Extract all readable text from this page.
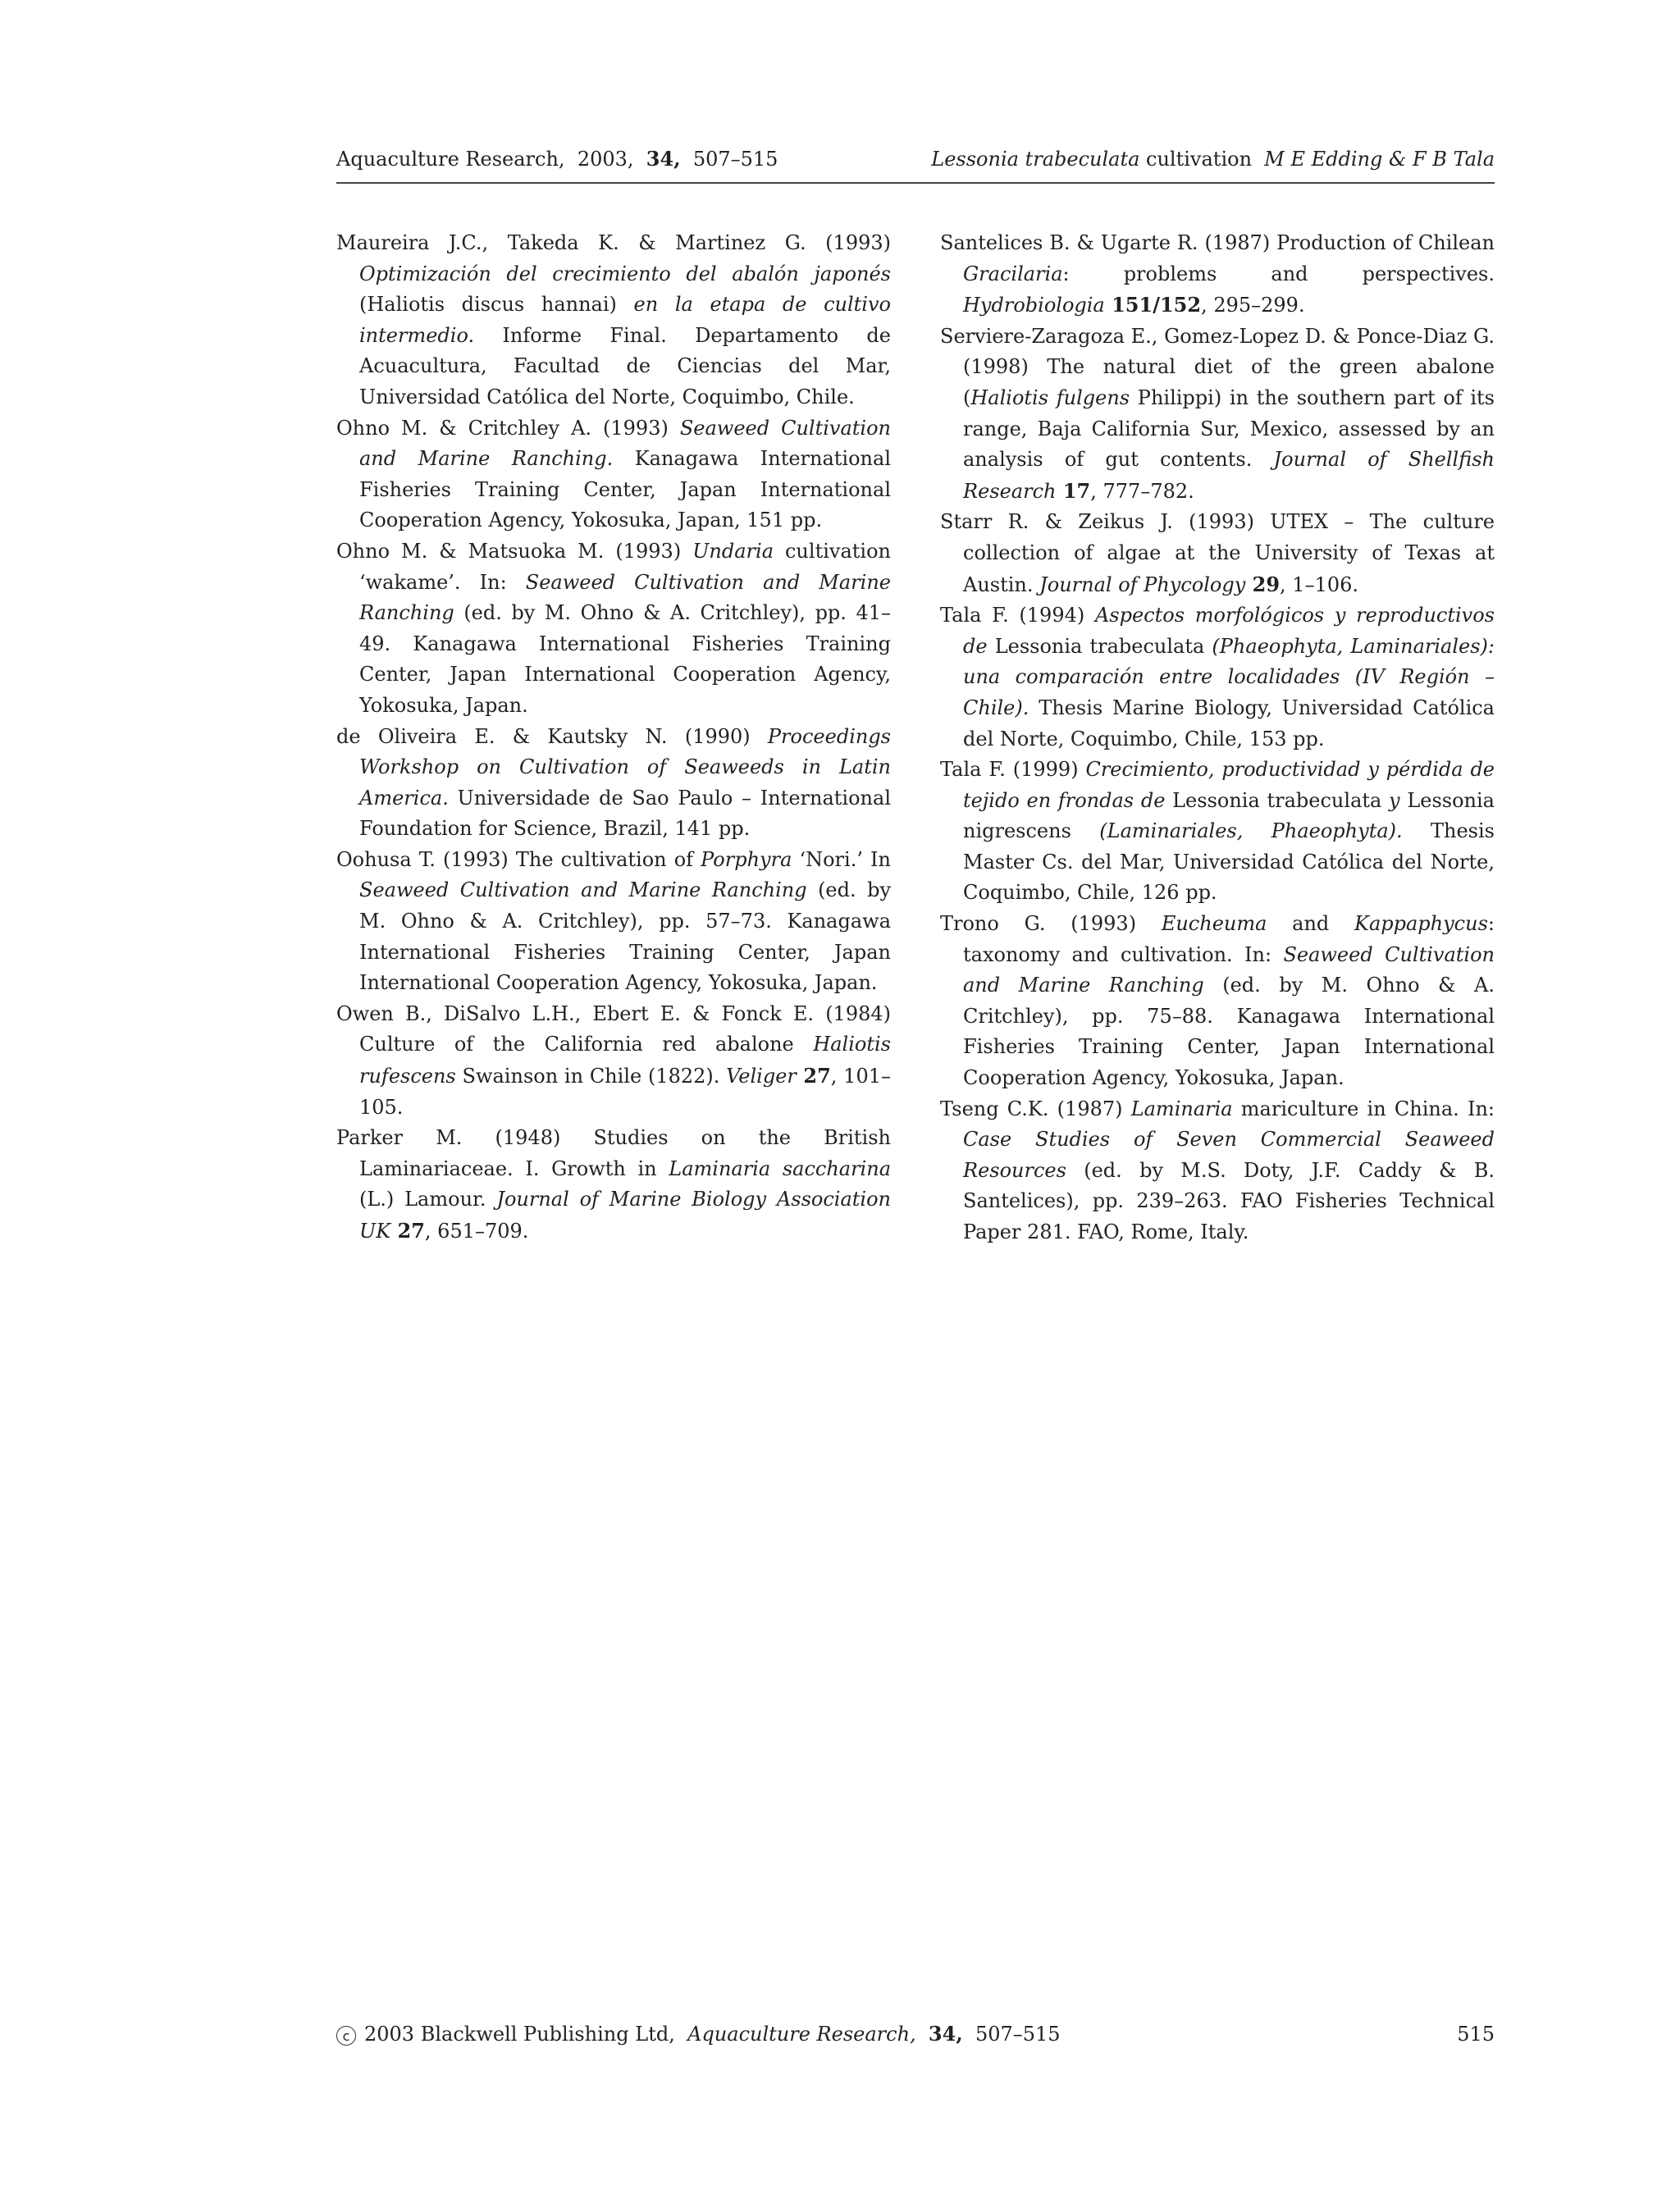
Aquaculture Research, 2003, 34, 507–515	Lessonia trabeculata cultivation M E Edding & F B Tala

Maureira J.C., Takeda K. & Martinez G. (1993) Optimización del crecimiento del abalón japonés (Haliotis discus hannai) en la etapa de cultivo intermedio. Informe Final. Departamento de Acuacultura, Facultad de Ciencias del Mar, Universidad Católica del Norte, Coquimbo, Chile.

Ohno M. & Critchley A. (1993) Seaweed Cultivation and Marine Ranching. Kanagawa International Fisheries Training Center, Japan International Cooperation Agency, Yokosuka, Japan, 151 pp.

Ohno M. & Matsuoka M. (1993) Undaria cultivation ‘wakame’. In: Seaweed Cultivation and Marine Ranching (ed. by M. Ohno & A. Critchley), pp. 41–49. Kanagawa International Fisheries Training Center, Japan International Cooperation Agency, Yokosuka, Japan.

de Oliveira E. & Kautsky N. (1990) Proceedings Workshop on Cultivation of Seaweeds in Latin America. Universidade de Sao Paulo – International Foundation for Science, Brazil, 141 pp.

Oohusa T. (1993) The cultivation of Porphyra ‘Nori.’ In Seaweed Cultivation and Marine Ranching (ed. by M. Ohno & A. Critchley), pp. 57–73. Kanagawa International Fisheries Training Center, Japan International Cooperation Agency, Yokosuka, Japan.

Owen B., DiSalvo L.H., Ebert E. & Fonck E. (1984) Culture of the California red abalone Haliotis rufescens Swainson in Chile (1822). Veliger 27, 101–105.

Parker M. (1948) Studies on the British Laminariaceae. I. Growth in Laminaria saccharina (L.) Lamour. Journal of Marine Biology Association UK 27, 651–709.

Santelices B. & Ugarte R. (1987) Production of Chilean Gracilaria: problems and perspectives. Hydrobiologia 151/152, 295–299.

Serviere-Zaragoza E., Gomez-Lopez D. & Ponce-Diaz G. (1998) The natural diet of the green abalone (Haliotis fulgens Philippi) in the southern part of its range, Baja California Sur, Mexico, assessed by an analysis of gut contents. Journal of Shellfish Research 17, 777–782.

Starr R. & Zeikus J. (1993) UTEX – The culture collection of algae at the University of Texas at Austin. Journal of Phycology 29, 1–106.

Tala F. (1994) Aspectos morfológicos y reproductivos de Lessonia trabeculata (Phaeophyta, Laminariales): una comparación entre localidades (IV Región – Chile). Thesis Marine Biology, Universidad Católica del Norte, Coquimbo, Chile, 153 pp.

Tala F. (1999) Crecimiento, productividad y pérdida de tejido en frondas de Lessonia trabeculata y Lessonia nigrescens (Laminariales, Phaeophyta). Thesis Master Cs. del Mar, Universidad Católica del Norte, Coquimbo, Chile, 126 pp.

Trono G. (1993) Eucheuma and Kappaphycus: taxonomy and cultivation. In: Seaweed Cultivation and Marine Ranching (ed. by M. Ohno & A. Critchley), pp. 75–88. Kanagawa International Fisheries Training Center, Japan International Cooperation Agency, Yokosuka, Japan.

Tseng C.K. (1987) Laminaria mariculture in China. In: Case Studies of Seven Commercial Seaweed Resources (ed. by M.S. Doty, J.F. Caddy & B. Santelices), pp. 239–263. FAO Fisheries Technical Paper 281. FAO, Rome, Italy.

c 2003 Blackwell Publishing Ltd, Aquaculture Research, 34, 507–515	515
